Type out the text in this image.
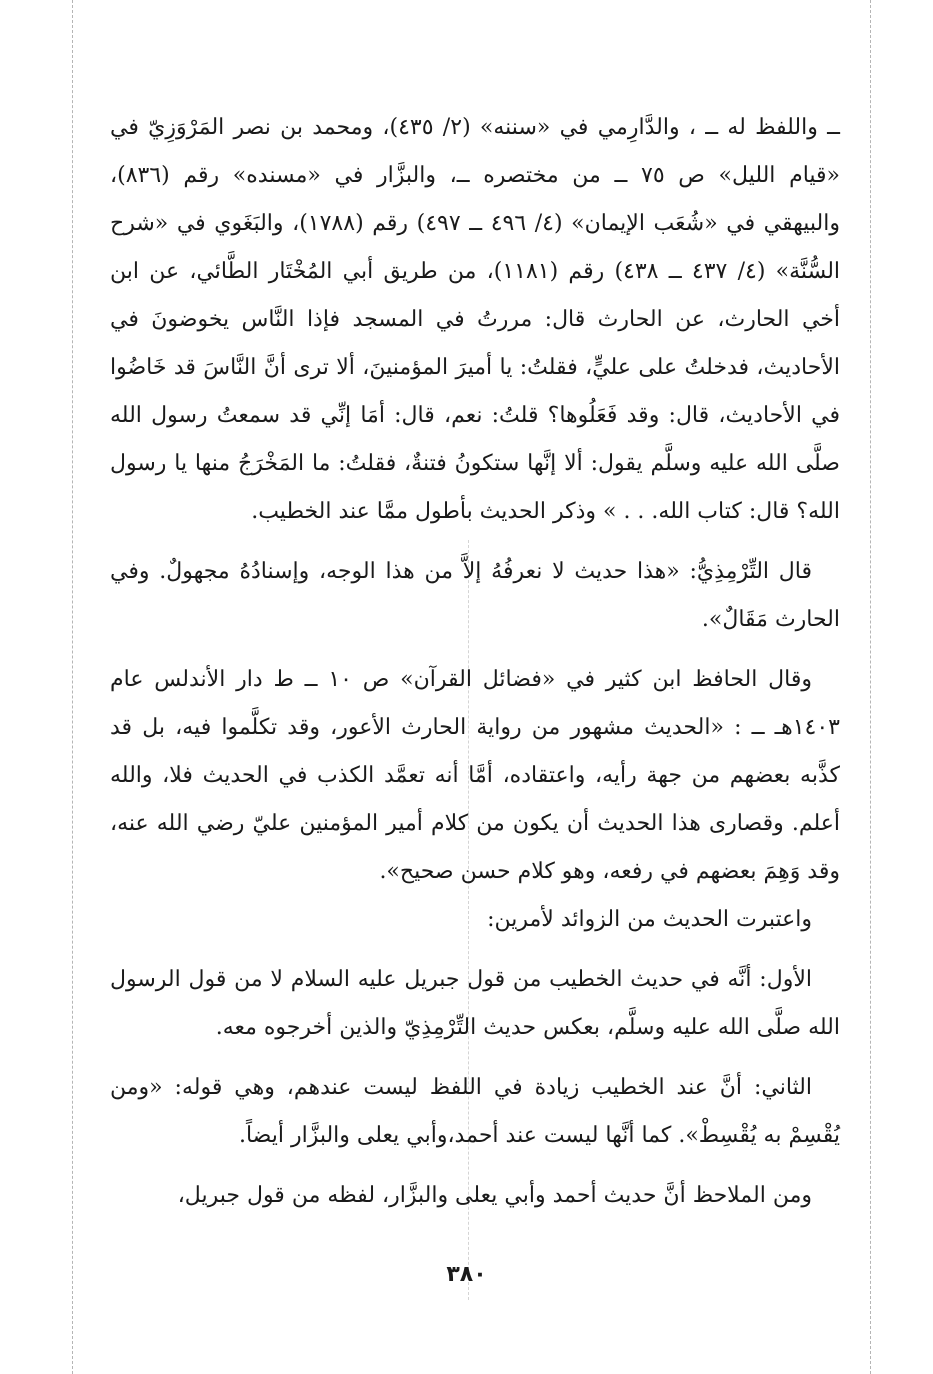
ــ واللفظ له ــ ، والدَّارِمي في «سننه» (٢/ ٤٣٥)، ومحمد بن نصر المَرْوَزِيّ في «قيام الليل» ص ٧٥ ــ من مختصره ــ، والبزَّار في «مسنده» رقم (٨٣٦)، والبيهقي في «شُعَب الإيمان» (٤/ ٤٩٦ ــ ٤٩٧) رقم (١٧٨٨)، والبَغَوي في «شرح السُّنَّة» (٤/ ٤٣٧ ــ ٤٣٨) رقم (١١٨١)، من طريق أبي المُخْتَار الطَّائي، عن ابن أخي الحارث، عن الحارث قال: مررتُ في المسجد فإذا النَّاس يخوضونَ في الأحاديث، فدخلتُ على عليٍّ، فقلتُ: يا أميرَ المؤمنينَ، ألا ترى أنَّ النَّاسَ قد خَاضُوا في الأحاديث، قال: وقد فَعَلُوها؟ قلتُ: نعم، قال: أمَا إنِّي قد سمعتُ رسول الله صلَّى الله عليه وسلَّم يقول: ألا إنَّها ستكونُ فتنةٌ، فقلتُ: ما المَخْرَجُ منها يا رسول الله؟ قال: كتاب الله. . . » وذكر الحديث بأطول ممَّا عند الخطيب.

قال التِّرْمِذِيُّ: «هذا حديث لا نعرفُهُ إلاَّ من هذا الوجه، وإسنادُهُ مجهولٌ. وفي الحارث مَقَالٌ».

وقال الحافظ ابن كثير في «فضائل القرآن» ص ١٠ ــ ط دار الأندلس عام ١٤٠٣هـ ــ : «الحديث مشهور من رواية الحارث الأعور، وقد تكلَّموا فيه، بل قد كذَّبه بعضهم من جهة رأيه، واعتقاده، أمَّا أنه تعمَّد الكذب في الحديث فلا، والله أعلم. وقصارى هذا الحديث أن يكون من كلام أمير المؤمنين عليّ رضي الله عنه، وقد وَهِمَ بعضهم في رفعه، وهو كلام حسن صحيح».

واعتبرت الحديث من الزوائد لأمرين:

الأول: أنَّه في حديث الخطيب من قول جبريل عليه السلام لا من قول الرسول الله صلَّى الله عليه وسلَّم، بعكس حديث التِّرْمِذِيّ والذين أخرجوه معه.

الثاني: أنَّ عند الخطيب زيادة في اللفظ ليست عندهم، وهي قوله: «ومن يُقْسِمْ به يُقْسِطْ». كما أنَّها ليست عند أحمد،وأبي يعلى والبزَّار أيضاً.

ومن الملاحظ أنَّ حديث أحمد وأبي يعلى والبزَّار، لفظه من قول جبريل،

٣٨٠
